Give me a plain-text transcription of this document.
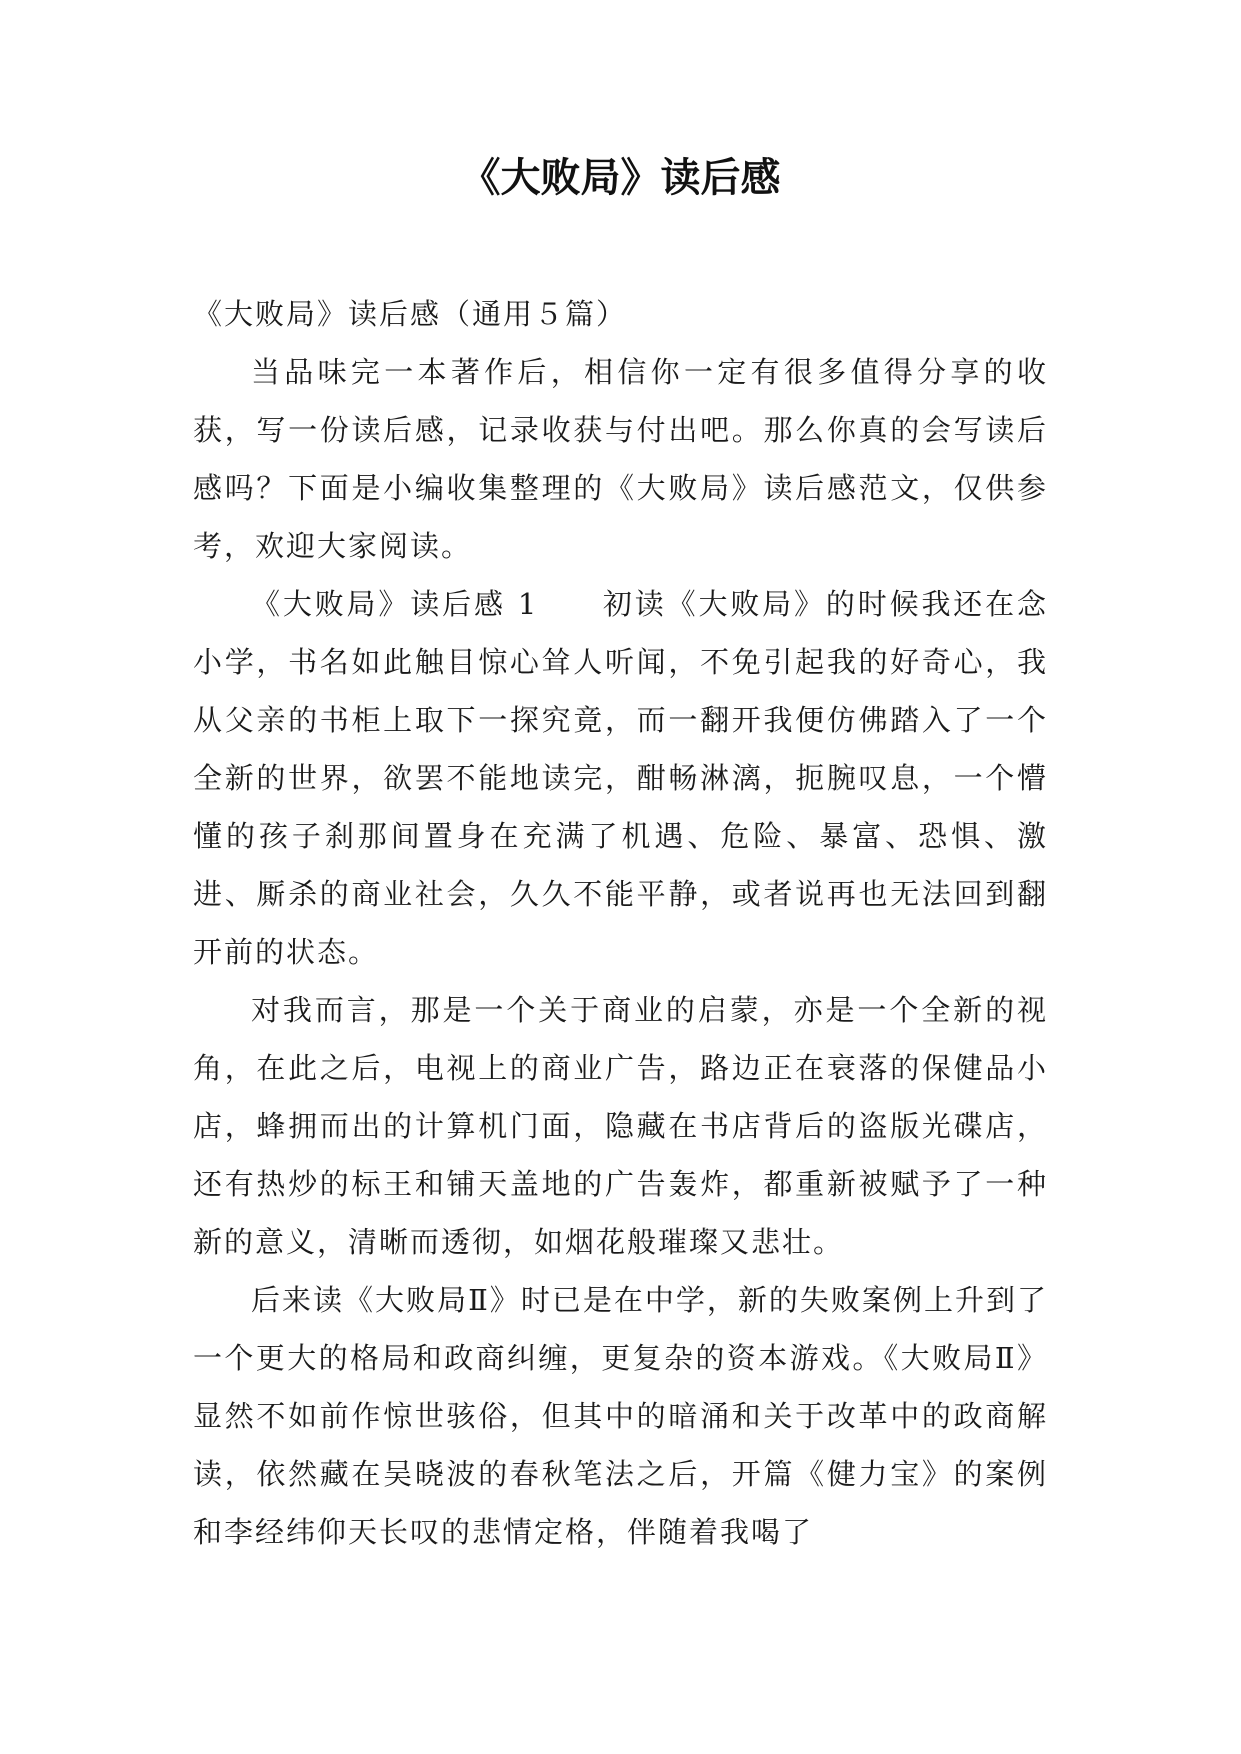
《大败局》读后感

《大败局》读后感（通用５篇）

当品味完一本著作后，相信你一定有很多值得分享的收获，写一份读后感，记录收获与付出吧。那么你真的会写读后感吗？下面是小编收集整理的《大败局》读后感范文，仅供参考，欢迎大家阅读。

《大败局》读后感 1　　初读《大败局》的时候我还在念小学，书名如此触目惊心耸人听闻，不免引起我的好奇心，我从父亲的书柜上取下一探究竟，而一翻开我便仿佛踏入了一个全新的世界，欲罢不能地读完，酣畅淋漓，扼腕叹息，一个懵懂的孩子刹那间置身在充满了机遇、危险、暴富、恐惧、激进、厮杀的商业社会，久久不能平静，或者说再也无法回到翻开前的状态。

对我而言，那是一个关于商业的启蒙，亦是一个全新的视角，在此之后，电视上的商业广告，路边正在衰落的保健品小店，蜂拥而出的计算机门面，隐藏在书店背后的盗版光碟店，还有热炒的标王和铺天盖地的广告轰炸，都重新被赋予了一种新的意义，清晰而透彻，如烟花般璀璨又悲壮。

后来读《大败局Ⅱ》时已是在中学，新的失败案例上升到了一个更大的格局和政商纠缠，更复杂的资本游戏。《大败局Ⅱ》显然不如前作惊世骇俗，但其中的暗涌和关于改革中的政商解读，依然藏在吴晓波的春秋笔法之后，开篇《健力宝》的案例和李经纬仰天长叹的悲情定格，伴随着我喝了
